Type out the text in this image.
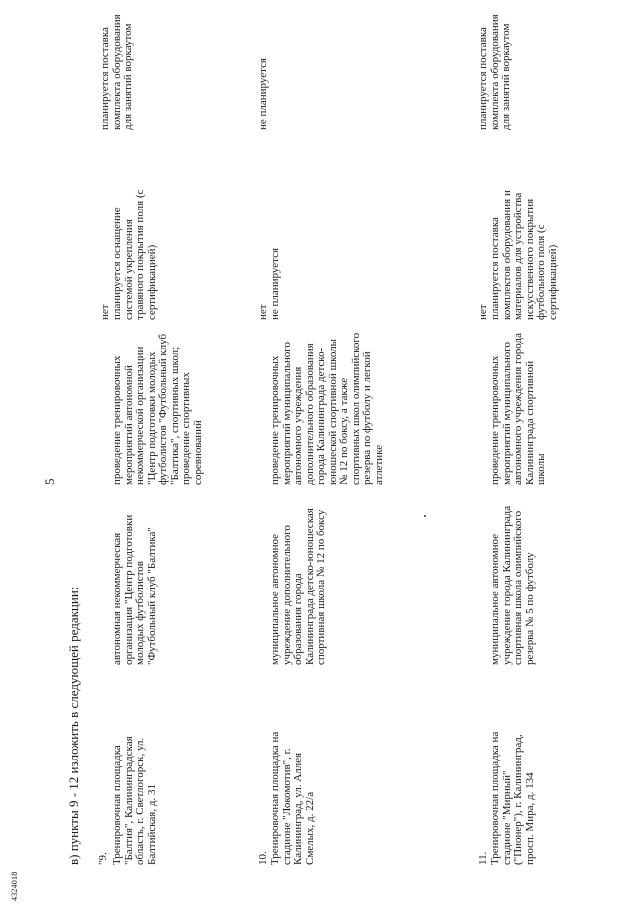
5
в) пункты 9 - 12 изложить в следующей редакции: "9. Тренировочная площадка "Балтия", Калининградская область, г. Светлогорск, ул. Балтийская, д. 31
автономная некоммерческая организация "Центр подготовки молодых футболистов "Футбольный клуб "Балтика"
проведение тренировочных мероприятий автономной некоммерческой организации "Центр подготовки молодых футболистов "Футбольный клуб "Балтика", спортивных школ; проведение спортивных соревнований
нет планируется оснащение системой укрепления травяного покрытия поля (с сертификацией)
планируется поставка комплекта оборудования для занятий воркаутом
10. Тренировочная площадка на стадионе "Локомотив", г. Калининград, ул. Аллея Смелых, д. 22/а
муниципальное автономное учреждение дополнительного образования города Калининграда детско-юношеская спортивная школа № 12 по боксу
проведение тренировочных мероприятий муниципального автономного учреждения дополнительного образования города Калининграда детско-юношеской спортивной школы № 12 по боксу, а также спортивных школ олимпийского резерва по футболу и легкой атлетике
нет не планируется
не планируется
11. Тренировочная площадка на стадионе "Мирный" ("Пионер"), г. Калининград, просп. Мира, д. 134
муниципальное автономное учреждение города Калининграда спортивная школа олимпийского резерва № 5 по футболу
проведение тренировочных мероприятий муниципального автономного учреждения города Калининграда спортивной школы
нет планируется поставка комплектов оборудования и материалов для устройства искусственного покрытия футбольного поля (с сертификацией)
планируется поставка комплекта оборудования для занятий воркаутом
4324018
